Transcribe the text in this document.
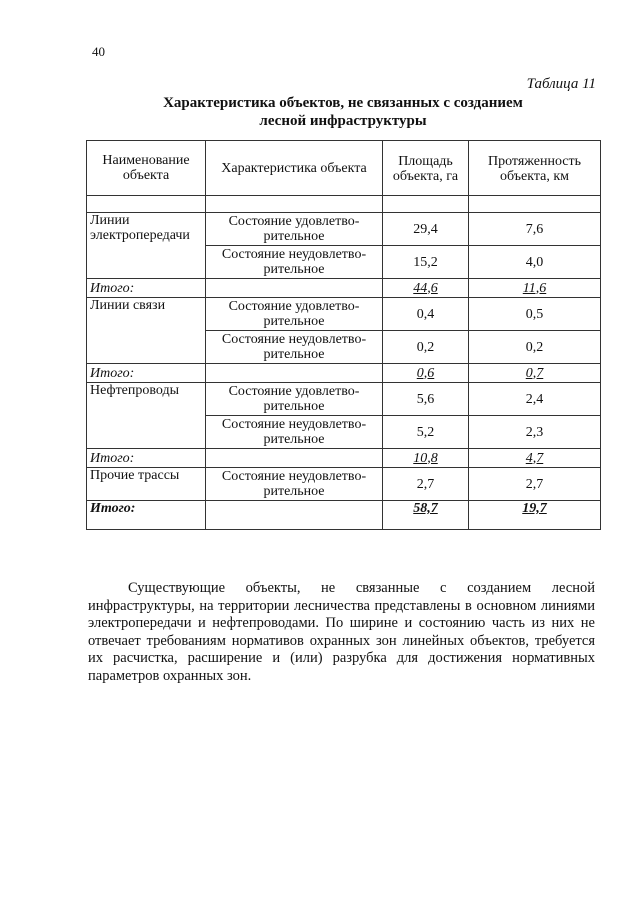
40
Таблица 11
Характеристика объектов, не связанных с созданием
лесной инфраструктуры
Наименование объекта	Характеристика объекта	Площадь объекта, га	Протяженность объекта, км

Линии электропередачи	Состояние удовлетво-рительное	29,4	7,6
	Состояние неудовлетво-рительное	15,2	4,0
Итого:		44,6	11,6
Линии связи	Состояние удовлетво-рительное	0,4	0,5
	Состояние неудовлетво-рительное	0,2	0,2
Итого:		0,6	0,7
Нефтепроводы	Состояние удовлетво-рительное	5,6	2,4
	Состояние неудовлетво-рительное	5,2	2,3
Итого:		10,8	4,7
Прочие трассы	Состояние неудовлетво-рительное	2,7	2,7
Итого:		58,7	19,7

Существующие объекты, не связанные с созданием лесной инфраструктуры, на территории лесничества представлены в основном линиями электропередачи и нефтепроводами. По ширине и состоянию часть из них не отвечает требованиям нормативов охранных зон линейных объектов, требуется их расчистка, расширение и (или) разрубка для достижения нормативных параметров охранных зон.
